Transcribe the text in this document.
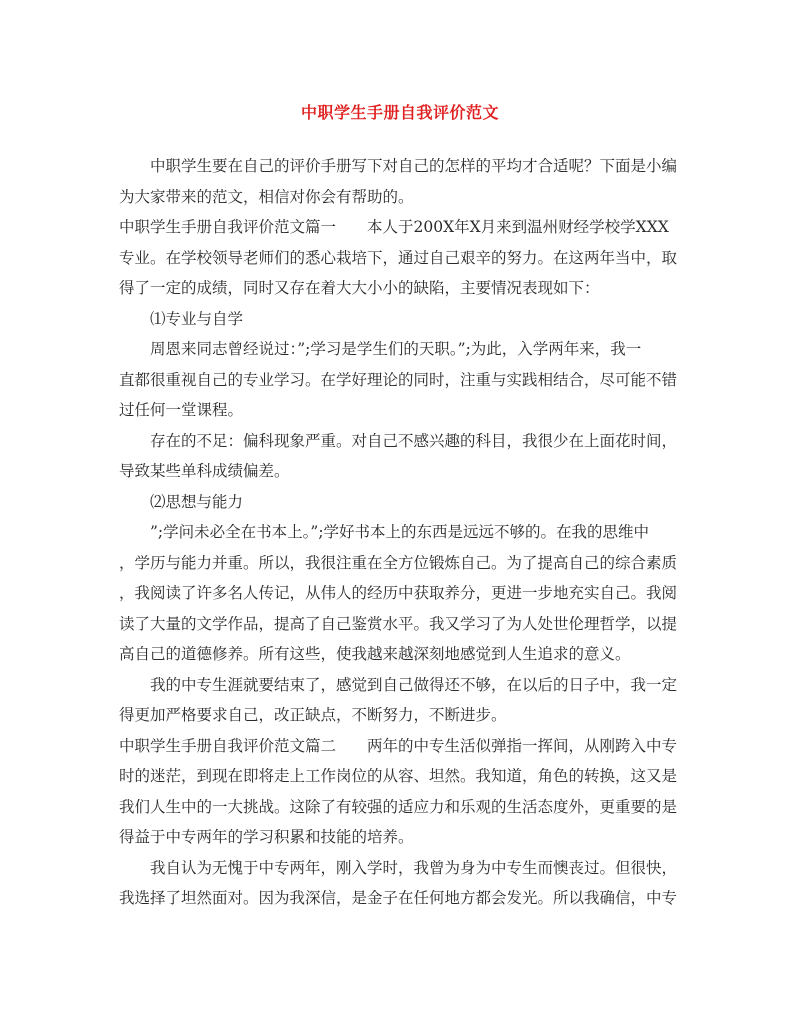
中职学生手册自我评价范文
　　中职学生要在自己的评价手册写下对自己的怎样的平均才合适呢？下面是小编
为大家带来的范文，相信对你会有帮助的。
中职学生手册自我评价范文篇一　　本人于200X年X月来到温州财经学校学XXX
专业。在学校领导老师们的悉心栽培下，通过自己艰辛的努力。在这两年当中，取
得了一定的成绩，同时又存在着大大小小的缺陷，主要情况表现如下：
　　⑴专业与自学
　　周恩来同志曾经说过：”;学习是学生们的天职。”;为此，入学两年来，我一
直都很重视自己的专业学习。在学好理论的同时，注重与实践相结合，尽可能不错
过任何一堂课程。
　　存在的不足：偏科现象严重。对自己不感兴趣的科目，我很少在上面花时间，
导致某些单科成绩偏差。
　　⑵思想与能力
　　”;学问未必全在书本上。”;学好书本上的东西是远远不够的。在我的思维中
，学历与能力并重。所以，我很注重在全方位锻炼自己。为了提高自己的综合素质
，我阅读了许多名人传记，从伟人的经历中获取养分，更进一步地充实自己。我阅
读了大量的文学作品，提高了自己鉴赏水平。我又学习了为人处世伦理哲学，以提
高自己的道德修养。所有这些，使我越来越深刻地感觉到人生追求的意义。
　　我的中专生涯就要结束了，感觉到自己做得还不够，在以后的日子中，我一定
得更加严格要求自己，改正缺点，不断努力，不断进步。
中职学生手册自我评价范文篇二　　两年的中专生活似弹指一挥间，从刚跨入中专
时的迷茫，到现在即将走上工作岗位的从容、坦然。我知道，角色的转换，这又是
我们人生中的一大挑战。这除了有较强的适应力和乐观的生活态度外，更重要的是
得益于中专两年的学习积累和技能的培养。
　　我自认为无愧于中专两年，刚入学时，我曾为身为中专生而懊丧过。但很快，
我选择了坦然面对。因为我深信，是金子在任何地方都会发光。所以我确信，中专
